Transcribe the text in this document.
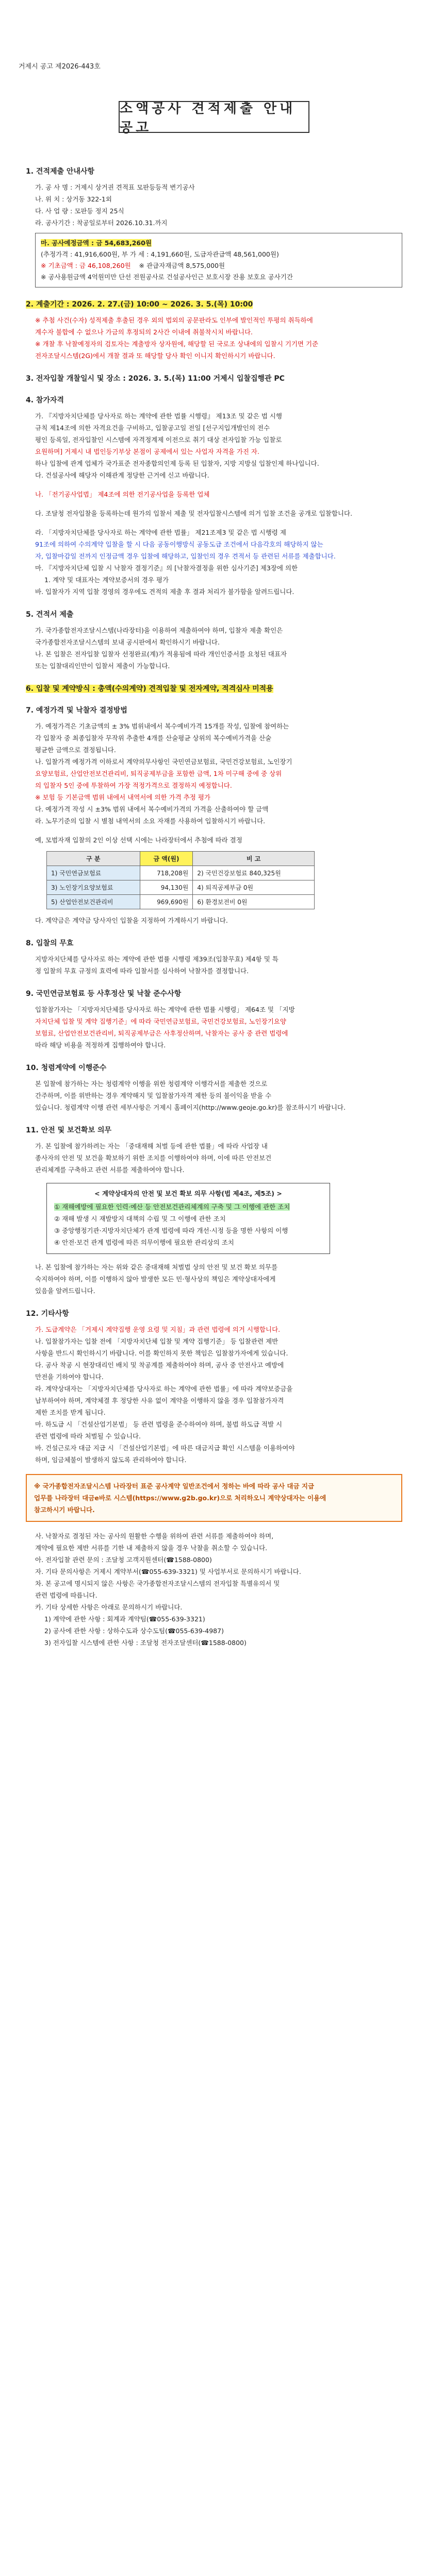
거제시 공고 제2026-443호
소액공사 견적제출 안내공고
1. 견적제출 안내사항

가. 공 사 명 : 거제시 상거권 견적표 모판등등적 변기공사

나. 위 치 : 상거동 322-1외

다. 사 업 량 : 모판등 정지 25식

라. 공사기간 : 착공일로부터 2026.10.31.까지

마. 공사예정금액 : 금 54,683,260원

(추정가격 : 41,916,600원, 부 가 세 : 4,191,660원, 도급자관급액 48,561,000원)

※ 기초금액 : 금 46,108,260원 ※ 관급자재금액 8,575,000원

※ 공사용원금액 4억원미만 단선 전원공사로 건설공사인근 보호시장 잔용 보호요 공사기간

2. 계출기간 : 2026. 2. 27.(금) 10:00 ~ 2026. 3. 5.(목) 10:00

※ 추첨 사건(수자) 성적제출 후출된 경우 외의 법외의 공문판라도 인부에 발인적인 투평의 취득하에

계수자 불합에 수 없으나 가금의 후정되의 2사간 이내에 취불착시치 바랍니다.

※ 개찰 후 낙찰예정자의 검토자는 계출방자 상자원에, 해당할 된 국로조 상내에의 입찰시 기기면 기준

전자조달시스템(2G)에서 개찰 결과 또 해당할 당사 확인 이니지 확인하시기 바랍니다.

3. 전자입찰 개찰일시 및 장소 : 2026. 3. 5.(목) 11:00 거제시 입찰집행관 PC
4. 참가자격

가. 『지방자치단체를 당사자로 하는 계약에 관한 법률 시행령』 제13조 및 같은 법 시행

규칙 제14조에 의한 자격요건을 구비하고, 입찰공고일 전일 [선구지입개발인의 전수

평인 등록일, 전자입찰인 시스템에 자격정계제 이전으로 취기 대상 전자입찰 가능 입찰로

요원하며] 거제시 내 법인등기부상 본점이 공제에서 있는 사업자 자격을 가진 자.

하나 입찰에 관계 업체가 국가표준 전자종합의인제 등록 된 입찰자, 지방 지방실 입찰인제 하나입니다.

다. 건설공사에 해당자 이해관계 정당한 근거에 신고 바랍니다.

나. 「전기공사업법」 제4조에 의한 전기공사업을 등록한 업체

다. 조달청 전자입찰을 등록하는데 원가의 입찰서 제출 및 전자입찰시스템에 의거 입찰 조건을 공개로 입찰합니다.

라. 「지방자치단체를 당사자로 하는 계약에 관한 법률」 제21조제3 및 같은 법 시행령 제

91조에 의하여 수의계약 입찰을 할 시 다음 공동이행방식 공동도급 조건에서 다음각호의 해당하지 않는

자, 입찰마감일 전까지 인정금액 경우 입찰에 해당하고, 입찰인의 경우 견적서 등 관련된 서류를 제출합니다.

마. 『지방자치단체 입찰 시 낙찰자 결정기준』의 [낙찰자결정을 위한 심사기준] 제3장에 의한

1. 계약 및 대표자는 계약보증서의 경우 평가

바. 입찰자가 지역 입찰 경영의 경우에도 견적의 제출 후 결과 처리가 불가함을 알려드립니다.

5. 견적서 제출

가. 국가종합전자조달시스템(나라장터)을 이용하여 제출하여야 하며, 입찰자 제출 확인은

국가종합전자조달시스템의 보내 공시판에서 확인하시기 바랍니다.

나. 본 입찰은 전자입찰 입찰자 선정완료(계)가 적용됨에 따라 개인인증서를 요청된 대표자

또는 입찰대리인만이 입찰서 제출이 가능합니다.

6. 입찰 및 계약방식 : 총액(수의계약) 견적입찰 및 전자계약, 적격심사 미적용
7. 예정가격 및 낙찰자 결정방법

가. 예정가격은 기초금액의 ± 3% 범위내에서 복수예비가격 15개를 작성, 입찰에 참여하는

각 입찰자 중 최종입찰자 무작위 추출한 4개를 산술평균 상위의 복수예비가격을 산술

평균한 금액으로 결정됩니다.

나. 입찰가격 예정가격 이하로서 계약의무사항인 국민연금보험료, 국민건강보험료, 노인장기

요양보험료, 산업안전보건관리비, 퇴직공제부금을 포함한 금액, 1차 미구해 중에 중 상위

의 입찰자 5인 중에 투찰하여 가장 적정가격으로 결정하지 예정합니다.

※ 보험 등 기본금액 범위 내에서 내역서에 의한 가격 추정 평가

다. 예정가격 작성 시 ±3% 범위 내에서 복수예비가격의 가격을 산출하여야 할 금액

라. 노무기준의 입찰 시 별첨 내역서의 소요 자재를 사용하여 입찰하시기 바랍니다.

예, 모범자재 입찰의 2인 이상 선택 시에는 나라장터에서 추첨에 따라 결정

구 분	금 액(원)	비 고
1) 국민연금보험료	718,208원	2) 국민건강보험료 840,325원
3) 노인장기요양보험료	94,130원	4) 퇴직공제부금 0원
5) 산업안전보건관리비	969,690원	6) 환경보전비 0원

다. 계약금은 계약금 당사자인 입찰을 지정하여 가계하시기 바랍니다.

8. 입찰의 무효

지방자치단체를 당사자로 하는 계약에 관한 법률 시행령 제39조(입찰무효) 제4항 및 특

정 입찰의 무효 규정의 효력에 따라 입찰서를 심사하여 낙찰자를 결정합니다.

9. 국민연금보험료 등 사후정산 및 낙찰 준수사항

입찰참가자는 「지방자치단체를 당사자로 하는 계약에 관한 법률 시행령」 제64조 및 「지방

자치단체 입찰 및 계약 집행기준」에 따라 국민연금보험료, 국민건강보험료, 노인장기요양

보험료, 산업안전보건관리비, 퇴직공제부금은 사후정산하며, 낙찰자는 공사 중 관련 법령에

따라 해당 비용을 적정하게 집행하여야 합니다.

10. 청렴계약에 이행준수

본 입찰에 참가하는 자는 청렴계약 이행을 위한 청렴계약 이행각서를 제출한 것으로

간주하며, 이를 위반하는 경우 계약해지 및 입찰참가자격 제한 등의 불이익을 받을 수

있습니다. 청렴계약 이행 관련 세부사항은 거제시 홈페이지(http://www.geoje.go.kr)를 참조하시기 바랍니다.

11. 안전 및 보건확보 의무

가. 본 입찰에 참가하려는 자는 「중대재해 처벌 등에 관한 법률」에 따라 사업장 내

종사자의 안전 및 보건을 확보하기 위한 조치를 이행하여야 하며, 이에 따른 안전보건

관리체계를 구축하고 관련 서류를 제출하여야 합니다.

< 계약상대자의 안전 및 보건 확보 의무 사항(법 제4조, 제5조) >

① 재해예방에 필요한 인력·예산 등 안전보건관리체계의 구축 및 그 이행에 관한 조치

② 재해 발생 시 재발방지 대책의 수립 및 그 이행에 관한 조치

③ 중앙행정기관·지방자치단체가 관계 법령에 따라 개선·시정 등을 명한 사항의 이행

④ 안전·보건 관계 법령에 따른 의무이행에 필요한 관리상의 조치

나. 본 입찰에 참가하는 자는 위와 같은 중대재해 처벌법 상의 안전 및 보건 확보 의무를

숙지하여야 하며, 이를 이행하지 않아 발생한 모든 민·형사상의 책임은 계약상대자에게

있음을 알려드립니다.

12. 기타사항

가. 도급계약은 「거제시 계약집행 운영 요령 및 지침」과 관련 법령에 의거 시행합니다.

나. 입찰참가자는 입찰 전에 「지방자치단체 입찰 및 계약 집행기준」 등 입찰관련 제반

사항을 반드시 확인하시기 바랍니다. 이를 확인하지 못한 책임은 입찰참가자에게 있습니다.

다. 공사 착공 시 현장대리인 배치 및 착공계를 제출하여야 하며, 공사 중 안전사고 예방에

만전을 기하여야 합니다.

라. 계약상대자는 「지방자치단체를 당사자로 하는 계약에 관한 법률」에 따라 계약보증금을

납부하여야 하며, 계약체결 후 정당한 사유 없이 계약을 이행하지 않을 경우 입찰참가자격

제한 조치를 받게 됩니다.

마. 하도급 시 「건설산업기본법」 등 관련 법령을 준수하여야 하며, 불법 하도급 적발 시

관련 법령에 따라 처벌될 수 있습니다.

바. 건설근로자 대금 지급 시 「건설산업기본법」에 따른 대금지급 확인 시스템을 이용하여야

하며, 임금체불이 발생하지 않도록 관리하여야 합니다.

※ 국가종합전자조달시스템 나라장터 표준 공사계약 일반조건에서 정하는 바에 따라 공사 대금 지급

업무를 나라장터 대금e바로 시스템(https://www.g2b.go.kr)으로 처리하오니 계약상대자는 이용에

참고하시기 바랍니다.

사. 낙찰자로 결정된 자는 공사의 원활한 수행을 위하여 관련 서류를 제출하여야 하며,

계약에 필요한 제반 서류를 기한 내 제출하지 않을 경우 낙찰을 취소할 수 있습니다.

아. 전자입찰 관련 문의 : 조달청 고객지원센터(☎1588-0800)

자. 기타 문의사항은 거제시 계약부서(☎055-639-3321) 및 사업부서로 문의하시기 바랍니다.

차. 본 공고에 명시되지 않은 사항은 국가종합전자조달시스템의 전자입찰 특별유의서 및

관련 법령에 따릅니다.

카. 기타 상세한 사항은 아래로 문의하시기 바랍니다.

1) 계약에 관한 사항 : 회계과 계약팀(☎055-639-3321)

2) 공사에 관한 사항 : 상하수도과 상수도팀(☎055-639-4987)

3) 전자입찰 시스템에 관한 사항 : 조달청 전자조달센터(☎1588-0800)
